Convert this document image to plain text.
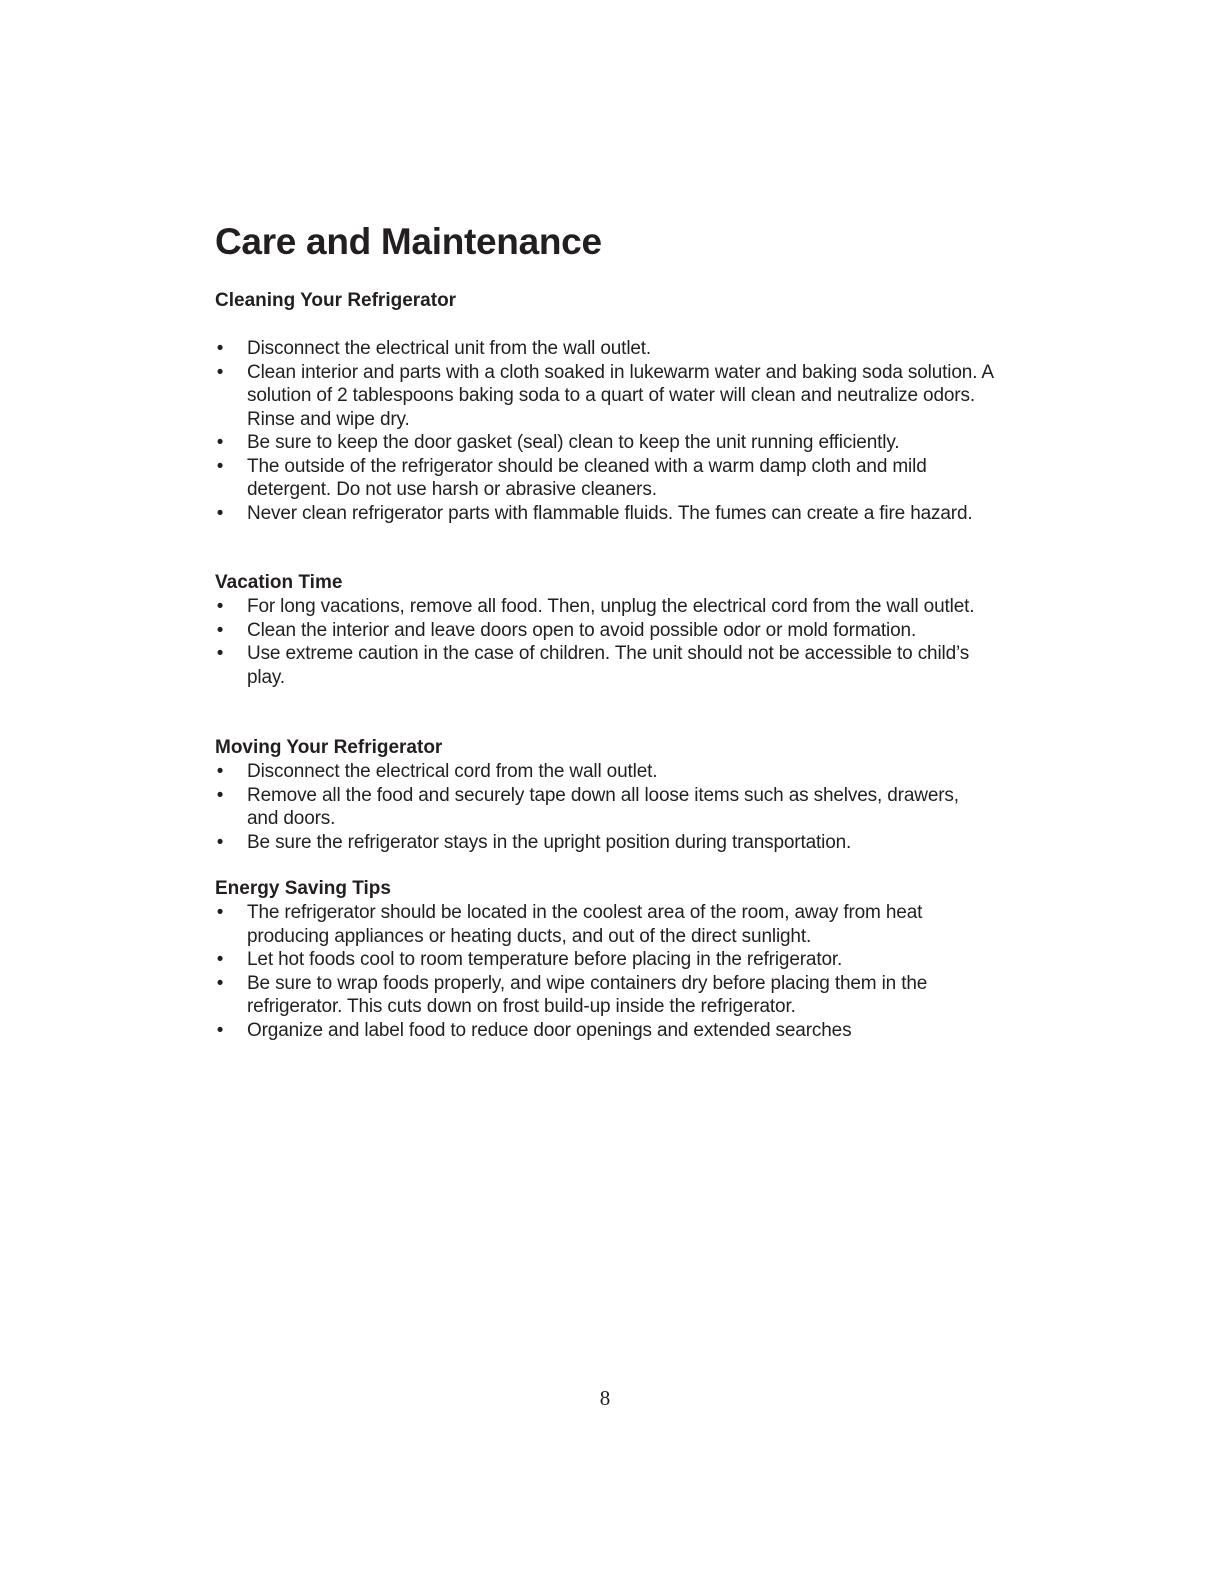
Care and Maintenance
Cleaning Your Refrigerator
• Disconnect the electrical unit from the wall outlet.
• Clean interior and parts with a cloth soaked in lukewarm water and baking soda solution. A solution of 2 tablespoons baking soda to a quart of water will clean and neutralize odors. Rinse and wipe dry.
• Be sure to keep the door gasket (seal) clean to keep the unit running efficiently.
• The outside of the refrigerator should be cleaned with a warm damp cloth and mild detergent. Do not use harsh or abrasive cleaners.
• Never clean refrigerator parts with flammable fluids. The fumes can create a fire hazard.
Vacation Time
• For long vacations, remove all food. Then, unplug the electrical cord from the wall outlet.
• Clean the interior and leave doors open to avoid possible odor or mold formation.
• Use extreme caution in the case of children. The unit should not be accessible to child’s play.
Moving Your Refrigerator
• Disconnect the electrical cord from the wall outlet.
• Remove all the food and securely tape down all loose items such as shelves, drawers, and doors.
• Be sure the refrigerator stays in the upright position during transportation.
Energy Saving Tips
• The refrigerator should be located in the coolest area of the room, away from heat producing appliances or heating ducts, and out of the direct sunlight.
• Let hot foods cool to room temperature before placing in the refrigerator.
• Be sure to wrap foods properly, and wipe containers dry before placing them in the refrigerator. This cuts down on frost build-up inside the refrigerator.
• Organize and label food to reduce door openings and extended searches
8
